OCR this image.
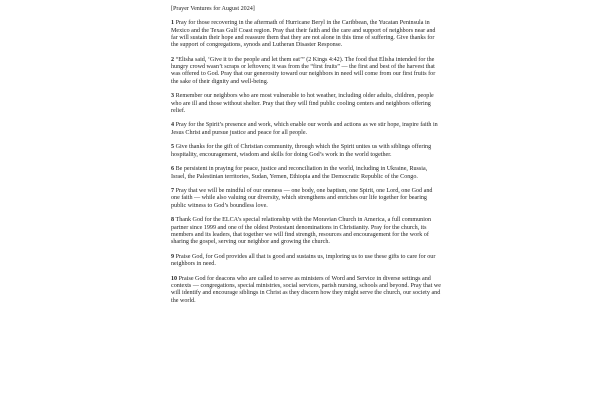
[Prayer Ventures for August 2024]

1 Pray for those recovering in the aftermath of Hurricane Beryl in the Caribbean, the Yucatan Peninsula in Mexico and the Texas Gulf Coast region. Pray that their faith and the care and support of neighbors near and far will sustain their hope and reassure them that they are not alone in this time of suffering. Give thanks for the support of congregations, synods and Lutheran Disaster Response.

2 “Elisha said, ‘Give it to the people and let them eat’” (2 Kings 4:42). The food that Elisha intended for the hungry crowd wasn’t scraps or leftovers; it was from the “first fruits” — the first and best of the harvest that was offered to God. Pray that our generosity toward our neighbors in need will come from our first fruits for the sake of their dignity and well-being.

3 Remember our neighbors who are most vulnerable to hot weather, including older adults, children, people who are ill and those without shelter. Pray that they will find public cooling centers and neighbors offering relief.

4 Pray for the Spirit’s presence and work, which enable our words and actions as we stir hope, inspire faith in Jesus Christ and pursue justice and peace for all people.

5 Give thanks for the gift of Christian community, through which the Spirit unites us with siblings offering hospitality, encouragement, wisdom and skills for doing God’s work in the world together.

6 Be persistent in praying for peace, justice and reconciliation in the world, including in Ukraine, Russia, Israel, the Palestinian territories, Sudan, Yemen, Ethiopia and the Democratic Republic of the Congo.

7 Pray that we will be mindful of our oneness — one body, one baptism, one Spirit, one Lord, one God and one faith — while also valuing our diversity, which strengthens and enriches our life together for bearing public witness to God’s boundless love.

8 Thank God for the ELCA’s special relationship with the Moravian Church in America, a full communion partner since 1999 and one of the oldest Protestant denominations in Christianity. Pray for the church, its members and its leaders, that together we will find strength, resources and encouragement for the work of sharing the gospel, serving our neighbor and growing the church.

9 Praise God, for God provides all that is good and sustains us, imploring us to use these gifts to care for our neighbors in need.

10 Praise God for deacons who are called to serve as ministers of Word and Service in diverse settings and contexts — congregations, special ministries, social services, parish nursing, schools and beyond. Pray that we will identify and encourage siblings in Christ as they discern how they might serve the church, our society and the world.
